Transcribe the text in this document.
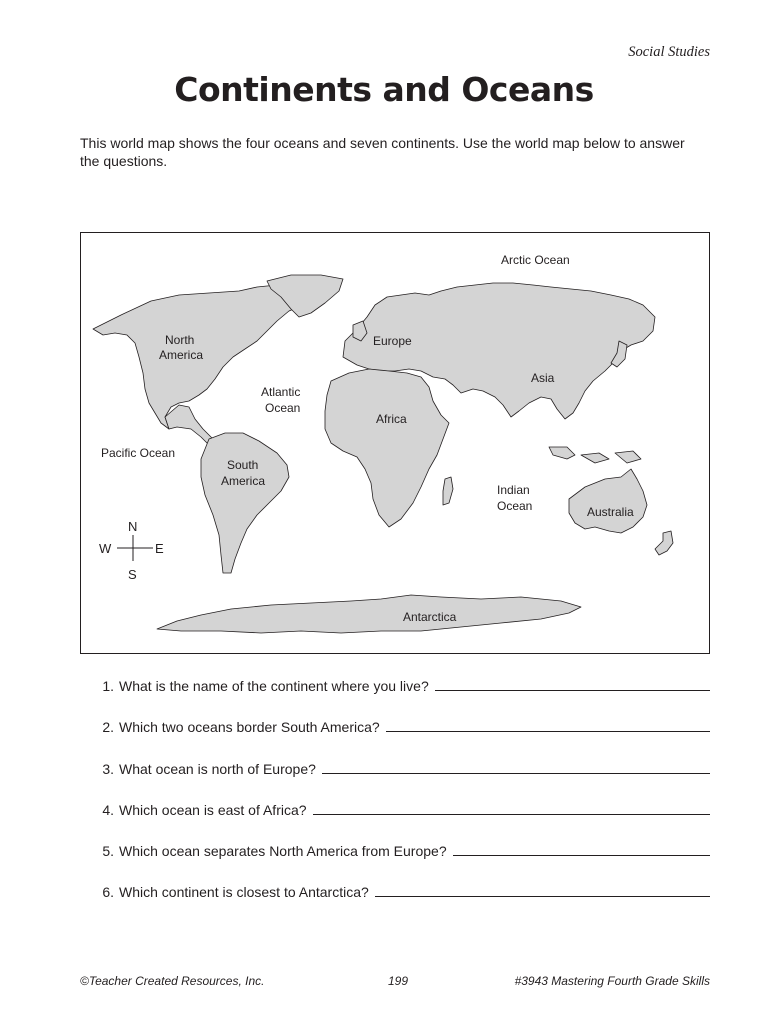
Social Studies
Continents and Oceans

This world map shows the four oceans and seven continents. Use the world map below to answer the questions.

Arctic Ocean
North
America
Europe
Asia
Atlantic
Ocean
Africa
Pacific Ocean
South
America
Indian
Ocean	Australia
Antarctica
N
S
E
W
1. What is the name of the continent where you live?
2. Which two oceans border South America?
3. What ocean is north of Europe?
4. Which ocean is east of Africa?
5. Which ocean separates North America from Europe?
6. Which continent is closest to Antarctica?
©Teacher Created Resources, Inc.	199	#3943 Mastering Fourth Grade Skills
